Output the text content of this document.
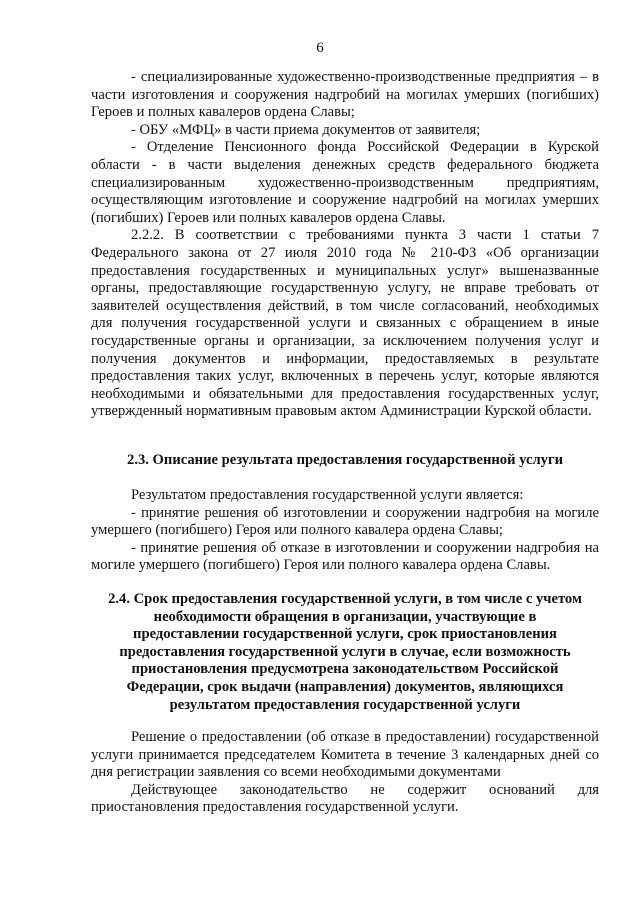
6

- специализированные художественно-производственные предприятия – в части изготовления и сооружения надгробий на могилах умерших (погибших) Героев и полных кавалеров ордена Славы;

- ОБУ «МФЦ» в части приема документов от заявителя;

- Отделение Пенсионного фонда Российской Федерации в Курской области - в части выделения денежных средств федерального бюджета специализированным художественно-производственным предприятиям, осуществляющим изготовление и сооружение надгробий на могилах умерших (погибших) Героев или полных кавалеров ордена Славы.

2.2.2. В соответствии с требованиями пункта 3 части 1 статьи 7 Федерального закона от 27 июля 2010 года № 210-ФЗ «Об организации предоставления государственных и муниципальных услуг» вышеназванные органы, предоставляющие государственную услугу, не вправе требовать от заявителей осуществления действий, в том числе согласований, необходимых для получения государственной услуги и связанных с обращением в иные государственные органы и организации, за исключением получения услуг и получения документов и информации, предоставляемых в результате предоставления таких услуг, включенных в перечень услуг, которые являются необходимыми и обязательными для предоставления государственных услуг, утвержденный нормативным правовым актом Администрации Курской области.

2.3. Описание результата предоставления государственной услуги

Результатом предоставления государственной услуги является:

- принятие решения об изготовлении и сооружении надгробия на могиле умершего (погибшего) Героя или полного кавалера ордена Славы;

- принятие решения об отказе в изготовлении и сооружении надгробия на могиле умершего (погибшего) Героя или полного кавалера ордена Славы.

2.4. Срок предоставления государственной услуги, в том числе с учетом необходимости обращения в организации, участвующие в предоставлении государственной услуги, срок приостановления предоставления государственной услуги в случае, если возможность приостановления предусмотрена законодательством Российской Федерации, срок выдачи (направления) документов, являющихся результатом предоставления государственной услуги

Решение о предоставлении (об отказе в предоставлении) государственной услуги принимается председателем Комитета в течение 3 календарных дней со дня регистрации заявления со всеми необходимыми документами

Действующее законодательство не содержит оснований для приостановления предоставления государственной услуги.
